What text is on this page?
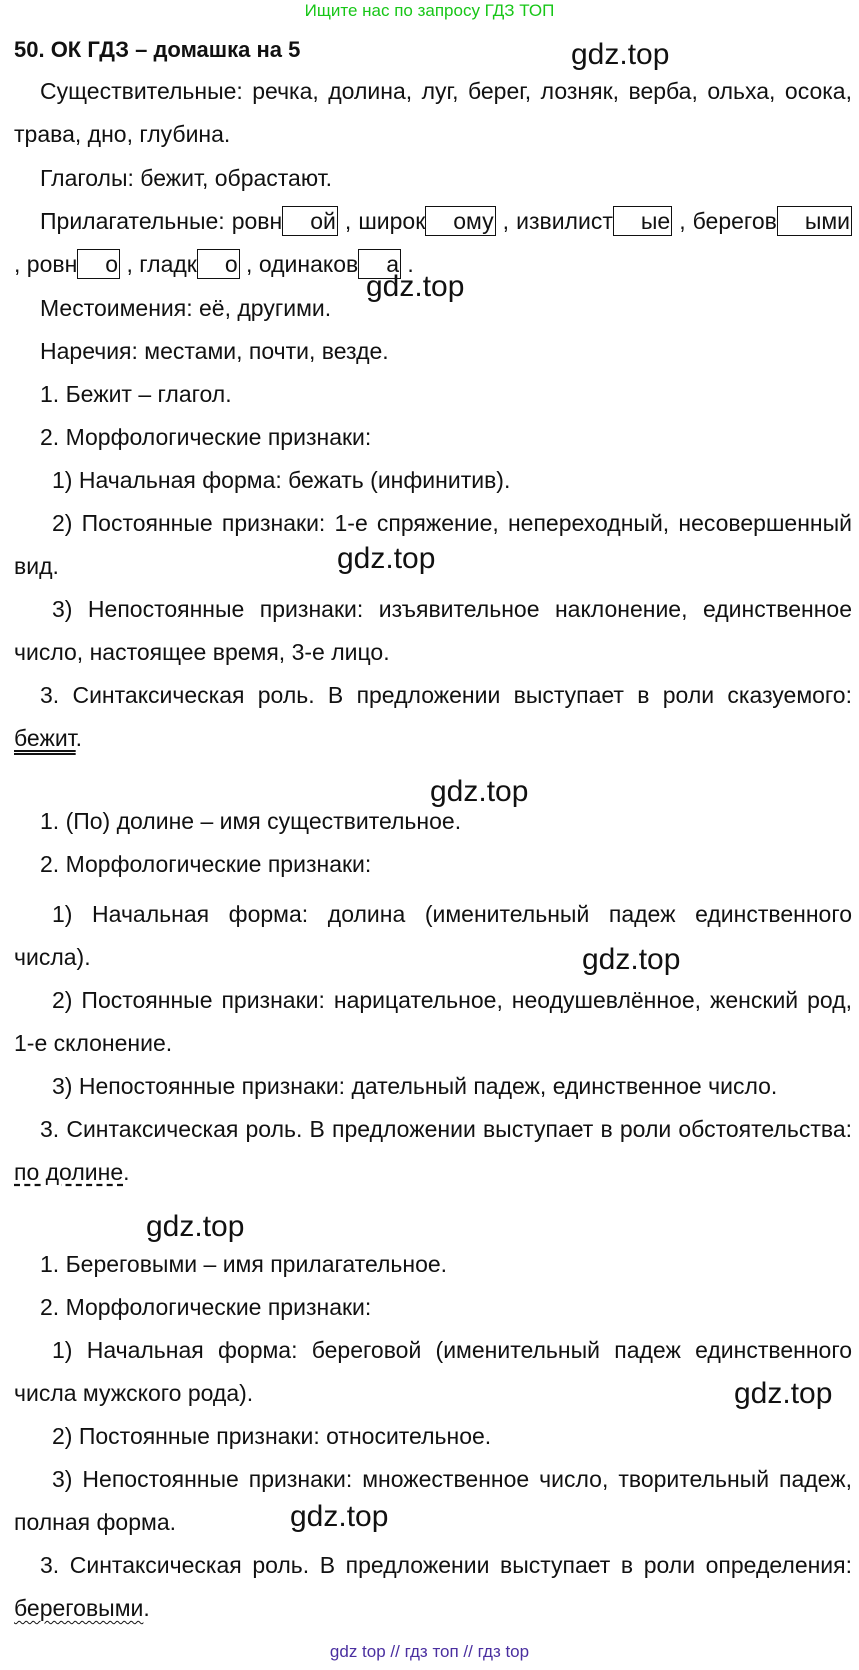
Ищите нас по запросу ГДЗ ТОП
50. ОК ГДЗ – домашка на 5	gdz.top
gdz.top
gdz.top
gdz.top
gdz.top
gdz.top
gdz.top
gdz.top
Существительные: речка, долина, луг, берег, лозняк, верба, ольха, осока, трава, дно, глубина.
Глаголы: бежит, обрастают.
Прилагательные: ровн ой , широк ому , извилист ые , берегов ыми , ровн о , гладк о , одинаков а .
Местоимения: её, другими.
Наречия: местами, почти, везде.
1. Бежит – глагол.
2. Морфологические признаки:
1) Начальная форма: бежать (инфинитив).
2) Постоянные признаки: 1-е спряжение, непереходный, несовершенный вид.
3) Непостоянные признаки: изъявительное наклонение, единственное число, настоящее время, 3-е лицо.
3. Синтаксическая роль. В предложении выступает в роли сказуемого: бежит.
1. (По) долине – имя существительное.
2. Морфологические признаки:
1) Начальная форма: долина (именительный падеж единственного числа).
2) Постоянные признаки: нарицательное, неодушевлённое, женский род, 1-е склонение.
3) Непостоянные признаки: дательный падеж, единственное число.
3. Синтаксическая роль. В предложении выступает в роли обстоятельства: по долине.
1. Береговыми – имя прилагательное.
2. Морфологические признаки:
1) Начальная форма: береговой (именительный падеж единственного числа мужского рода).
2) Постоянные признаки: относительное.
3) Непостоянные признаки: множественное число, творительный падеж, полная форма.
3. Синтаксическая роль. В предложении выступает в роли определения: береговыми.
gdz top // гдз топ // гдз top
